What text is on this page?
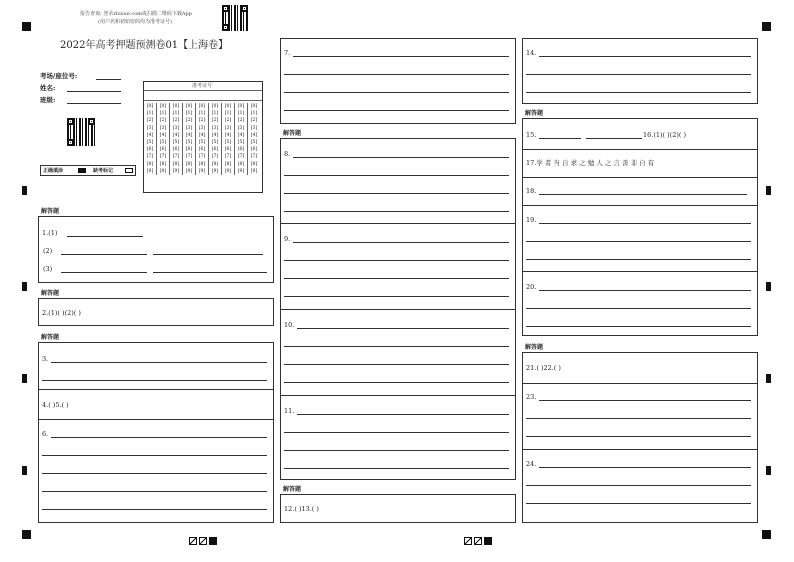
报告查询: 登录zhixue.com或扫描二维码下载App
(用户名和初始密码均为准考证号)
2022年高考押题预测卷01【上海卷】
考场/座位号:
姓名:
班级:
准考证号
[0]	[0]	[0]	[0]	[0]	[0]	[0]	[0]	[0]
[1]	[1]	[1]	[1]	[1]	[1]	[1]	[1]	[1]
[2]	[2]	[2]	[2]	[2]	[2]	[2]	[2]	[2]
[3]	[3]	[3]	[3]	[3]	[3]	[3]	[3]	[3]
[4]	[4]	[4]	[4]	[4]	[4]	[4]	[4]	[4]
[5]	[5]	[5]	[5]	[5]	[5]	[5]	[5]	[5]
[6]	[6]	[6]	[6]	[6]	[6]	[6]	[6]	[6]
[7]	[7]	[7]	[7]	[7]	[7]	[7]	[7]	[7]
[8]	[8]	[8]	[8]	[8]	[8]	[8]	[8]	[8]
[9]	[9]	[9]	[9]	[9]	[9]	[9]	[9]	[9]
正确填涂	缺考标记
解答题
1.(1)
(2)
(3)
解答题
2.(1)( )(2)( )
解答题
3.
4.( )5.( )
6.
7.
解答题
8.
9.
10.
11.
解答题
12.( )13.( )
14.
解答题
15.	16.(1)( )(2)( )
17.学 者 当 自 求 之 勉 人 之 言 善 非 自 有
18.
19.
20.
解答题
21.( )22.( )
23.
24.
